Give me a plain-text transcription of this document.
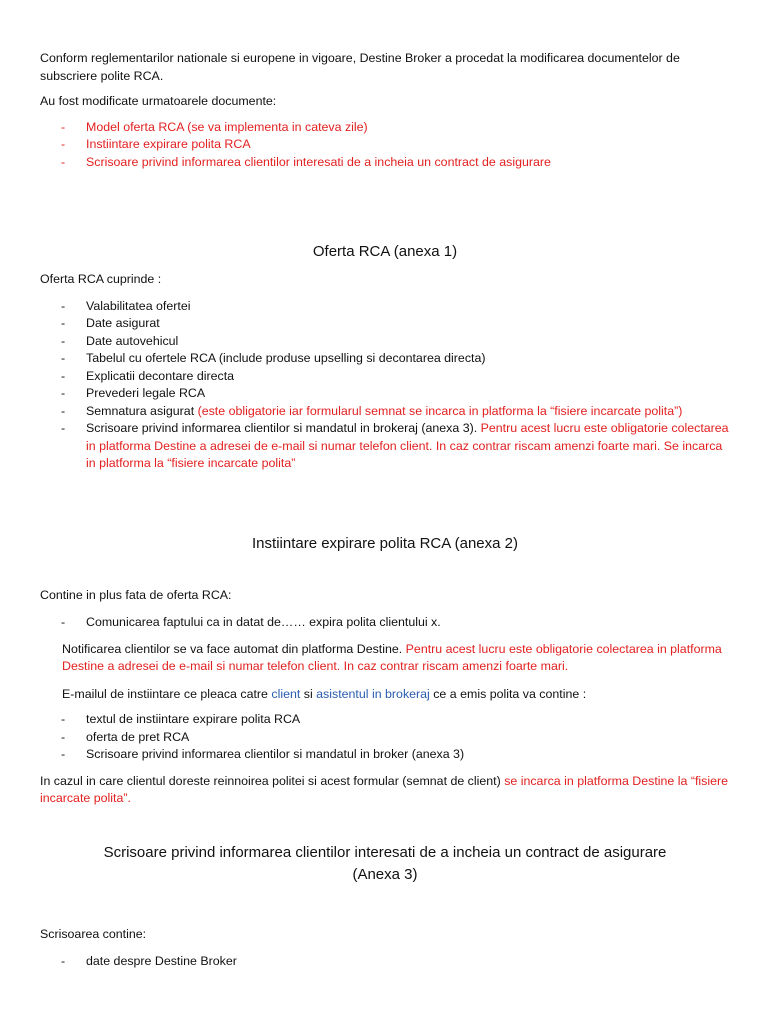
Conform reglementarilor nationale si europene in vigoare, Destine Broker a procedat la modificarea documentelor de subscriere polite RCA.

Au fost modificate urmatoarele documente:

- Model oferta RCA (se va implementa in cateva zile)
- Instiintare expirare polita RCA
- Scrisoare privind informarea clientilor interesati de a incheia un contract de asigurare
Oferta RCA (anexa 1)

Oferta RCA cuprinde :

- Valabilitatea ofertei
- Date asigurat
- Date autovehicul
- Tabelul cu ofertele RCA (include produse upselling si decontarea directa)
- Explicatii decontare directa
- Prevederi legale RCA
- Semnatura asigurat (este obligatorie iar formularul semnat se incarca in platforma la “fisiere incarcate polita”)
- Scrisoare privind informarea clientilor si mandatul in brokeraj (anexa 3). Pentru acest lucru este obligatorie colectarea in platforma Destine a adresei de e-mail si numar telefon client. In caz contrar riscam amenzi foarte mari. Se incarca in platforma la “fisiere incarcate polita”
Instiintare expirare polita RCA (anexa 2)

Contine in plus fata de oferta RCA:

- Comunicarea faptului ca in datat de…… expira polita clientului x.

Notificarea clientilor se va face automat din platforma Destine. Pentru acest lucru este obligatorie colectarea in platforma Destine a adresei de e-mail si numar telefon client. In caz contrar riscam amenzi foarte mari.

E-mailul de instiintare ce pleaca catre client si asistentul in brokeraj ce a emis polita va contine :

- textul de instiintare expirare polita RCA
- oferta de pret RCA
- Scrisoare privind informarea clientilor si mandatul in broker (anexa 3)

In cazul in care clientul doreste reinnoirea politei si acest formular (semnat de client) se incarca in platforma Destine la “fisiere incarcate polita”.

Scrisoare privind informarea clientilor interesati de a incheia un contract de asigurare
(Anexa 3)

Scrisoarea contine:

- date despre Destine Broker
